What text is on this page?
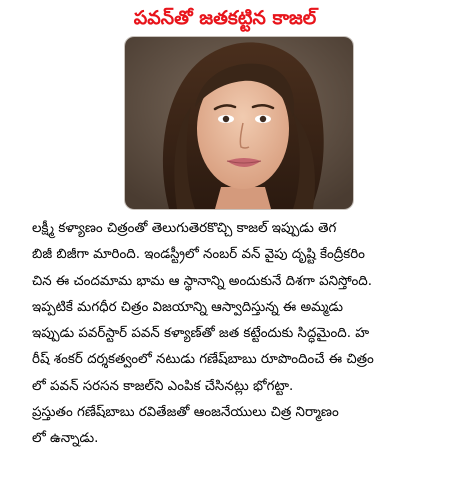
పవన్‌తో జతకట్టిన కాజల్
లక్ష్మీ కళ్యాణం చిత్రంతో తెలుగుతెరకొచ్చి కాజల్ ఇప్పుడు తెగ
బిజీ బిజీగా మారింది. ఇండస్ట్రీలో నంబర్ వన్ వైపు దృష్టి కేంద్రీకరిం
చిన ఈ చందమామ భామ ఆ స్థానాన్ని అందుకునే దిశగా పనిస్తోంది.
ఇప్పటికే మగధీర చిత్రం విజయాన్ని ఆస్వాదిస్తున్న ఈ అమ్మడు
ఇప్పుడు పవర్‌స్టార్ పవన్ కళ్యాణ్‌తో జత కట్టేందుకు సిద్ధమైంది. హ
రీష్ శంకర్ దర్శకత్వంలో నటుడు గణేష్‌బాబు రూపొందించే ఈ చిత్రం
లో పవన్ సరసన కాజల్‌ని ఎంపిక చేసినట్లు భోగట్టా.
ప్రస్తుతం గణేష్‌బాబు రవితేజతో ఆంజనేయులు చిత్ర నిర్మాణం
లో ఉన్నాడు.
